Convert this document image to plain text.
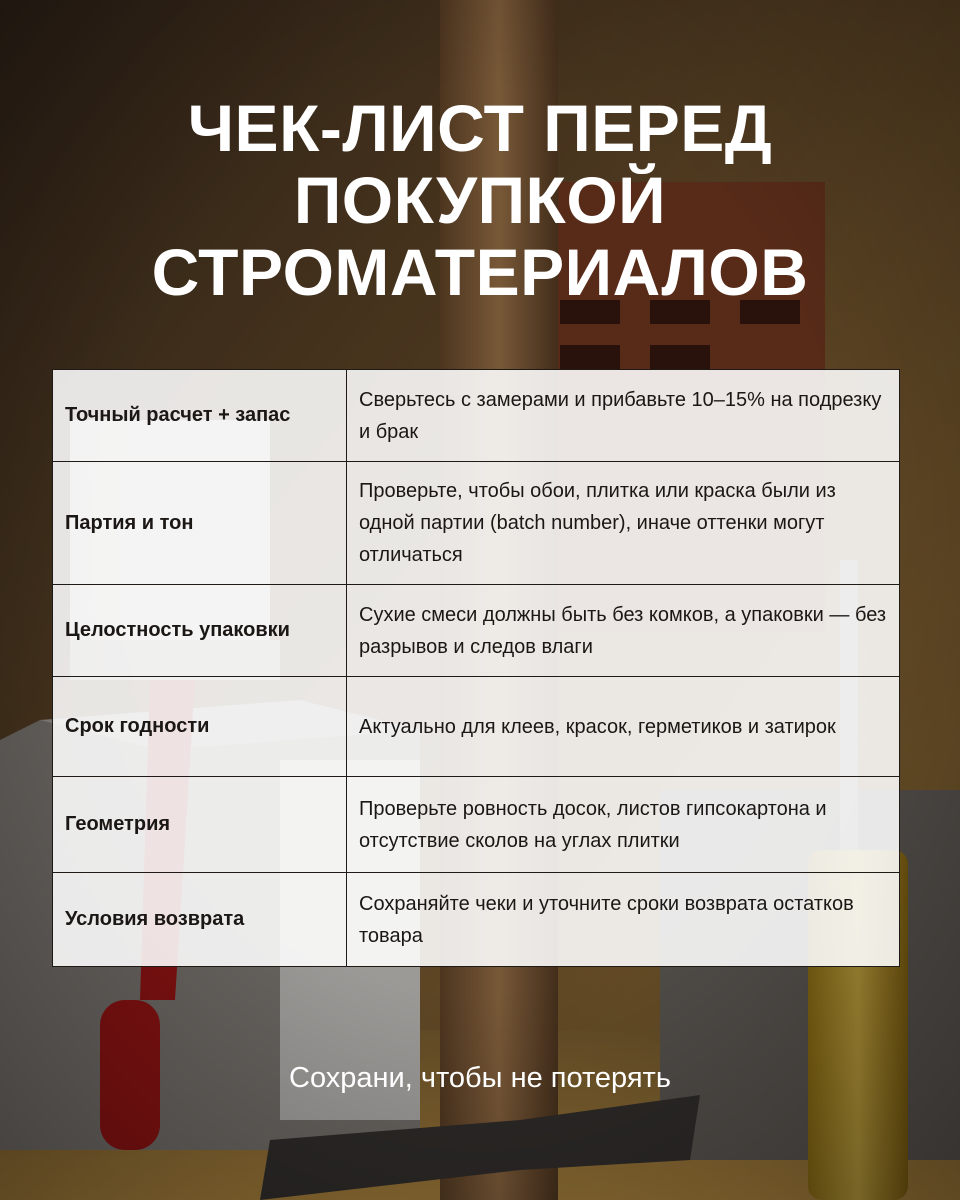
ЧЕК-ЛИСТ ПЕРЕД
ПОКУПКОЙ
СТРОМАТЕРИАЛОВ
Точный расчет + запас	Сверьтесь с замерами и прибавьте 10–15% на подрезку и брак
Партия и тон	Проверьте, чтобы обои, плитка или краска были из одной партии (batch number), иначе оттенки могут отличаться
Целостность упаковки	Сухие смеси должны быть без комков, а упаковки — без разрывов и следов влаги
Срок годности	Актуально для клеев, красок, герметиков и затирок
Геометрия	Проверьте ровность досок, листов гипсокартона и отсутствие сколов на углах плитки
Условия возврата	Сохраняйте чеки и уточните сроки возврата остатков товара
Сохрани, чтобы не потерять
